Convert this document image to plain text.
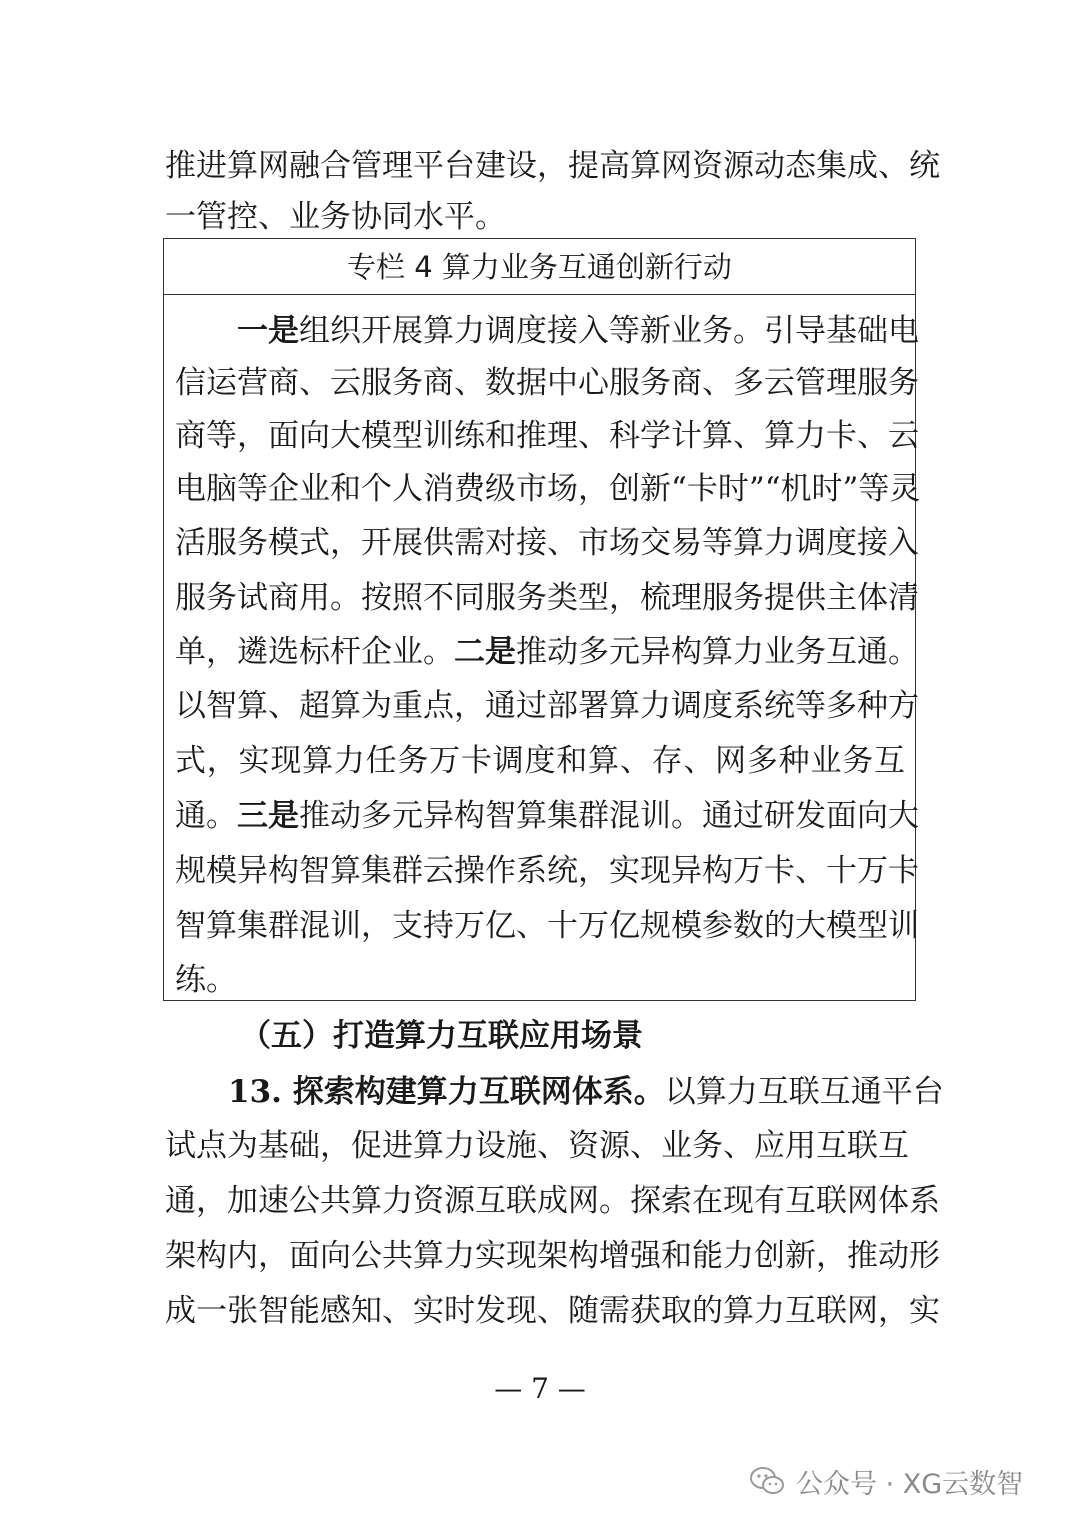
推进算网融合管理平台建设，提高算网资源动态集成、统
一管控、业务协同水平。
专栏 4 算力业务互通创新行动
一是组织开展算力调度接入等新业务。引导基础电
信运营商、云服务商、数据中心服务商、多云管理服务
商等，面向大模型训练和推理、科学计算、算力卡、云
电脑等企业和个人消费级市场，创新“卡时”“机时”等灵
活服务模式，开展供需对接、市场交易等算力调度接入
服务试商用。按照不同服务类型，梳理服务提供主体清
单，遴选标杆企业。二是推动多元异构算力业务互通。
以智算、超算为重点，通过部署算力调度系统等多种方
式，实现算力任务万卡调度和算、存、网多种业务互
通。三是推动多元异构智算集群混训。通过研发面向大
规模异构智算集群云操作系统，实现异构万卡、十万卡
智算集群混训，支持万亿、十万亿规模参数的大模型训
练。
（五）打造算力互联应用场景
13. 探索构建算力互联网体系。以算力互联互通平台
试点为基础，促进算力设施、资源、业务、应用互联互
通，加速公共算力资源互联成网。探索在现有互联网体系
架构内，面向公共算力实现架构增强和能力创新，推动形
成一张智能感知、实时发现、随需获取的算力互联网，实
— 7 —
公众号 · XG云数智
